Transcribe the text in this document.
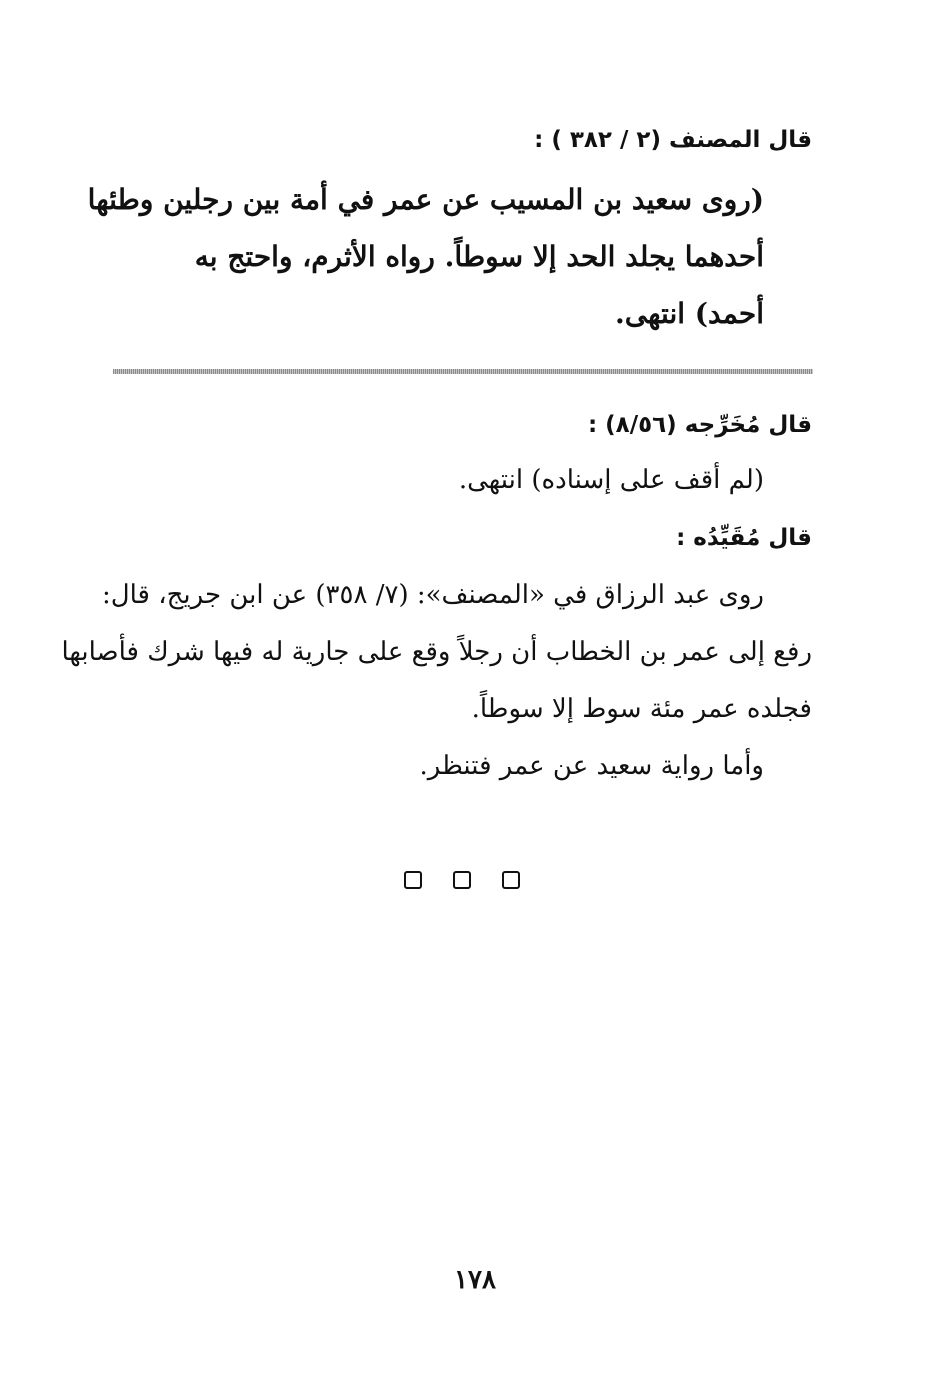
قال المصنف (٢ / ٣٨٢ ) :
(روى سعيد بن المسيب عن عمر في أمة بين رجلين وطئها
أحدهما يجلد الحد إلا سوطاً. رواه الأثرم، واحتج به
أحمد) انتهى.
قال مُخَرِّجه (٨/٥٦) :
(لم أقف على إسناده) انتهى.
قال مُقَيِّدُه :
روى عبد الرزاق في «المصنف»: (٧/ ٣٥٨) عن ابن جريج، قال:
رفع إلى عمر بن الخطاب أن رجلاً وقع على جارية له فيها شرك فأصابها
فجلده عمر مئة سوط إلا سوطاً.
وأما رواية سعيد عن عمر فتنظر.
١٧٨
